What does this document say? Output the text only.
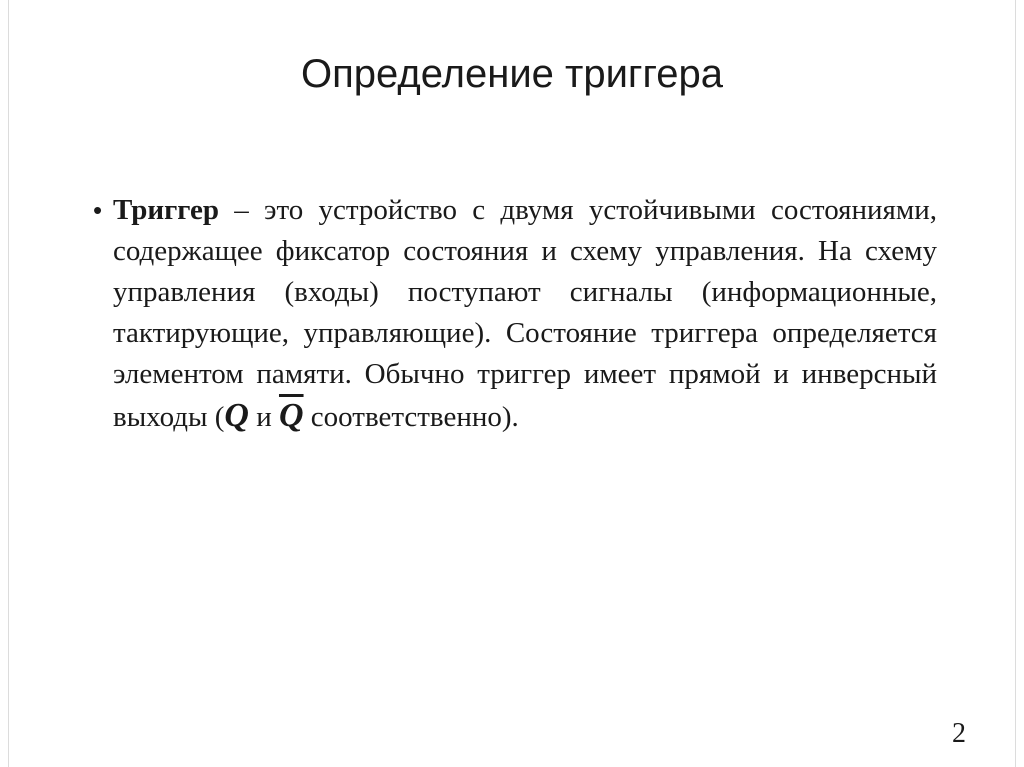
Определение триггера
• Триггер – это устройство с двумя устойчивыми состояниями, содержащее фиксатор состояния и схему управления. На схему управления (входы) поступают сигналы (информационные, тактирующие, управляющие). Состояние триггера определяется элементом памяти. Обычно триггер имеет прямой и инверсный выходы (Q и $\overline{Q}$ соответственно).
2
